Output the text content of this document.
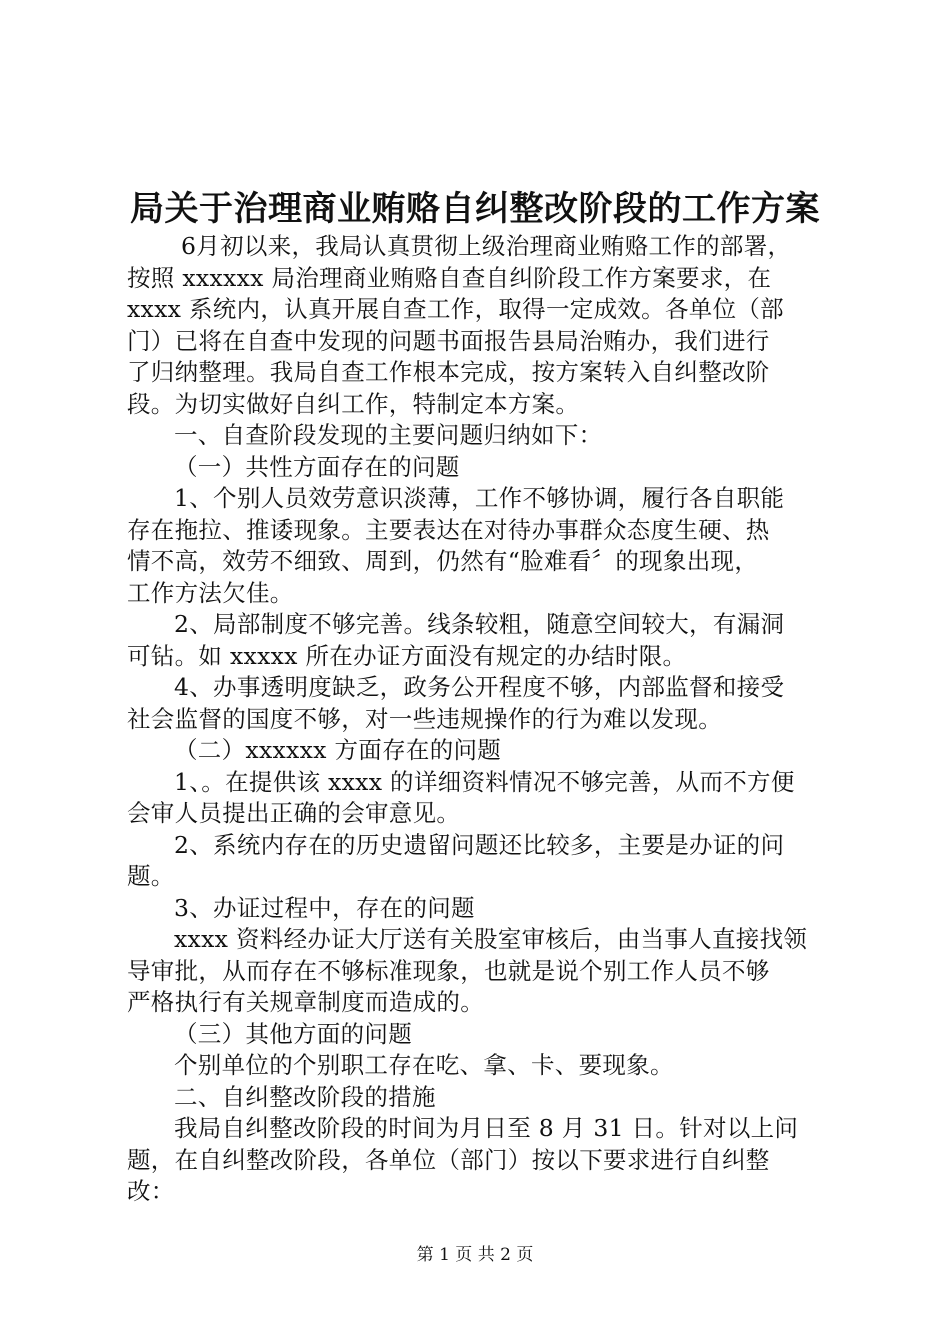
局关于治理商业贿赂自纠整改阶段的工作方案

6月初以来，我局认真贯彻上级治理商业贿赂工作的部署，

按照 xxxxxx 局治理商业贿赂自查自纠阶段工作方案要求，在

xxxx 系统内，认真开展自查工作，取得一定成效。各单位（部

门）已将在自查中发现的问题书面报告县局治贿办，我们进行

了归纳整理。我局自查工作根本完成，按方案转入自纠整改阶

段。为切实做好自纠工作，特制定本方案。

一、自查阶段发现的主要问题归纳如下：

（一）共性方面存在的问题

1、个别人员效劳意识淡薄，工作不够协调，履行各自职能

存在拖拉、推诿现象。主要表达在对待办事群众态度生硬、热

情不高，效劳不细致、周到，仍然有“脸难看〞的现象出现，

工作方法欠佳。

2、局部制度不够完善。线条较粗，随意空间较大，有漏洞

可钻。如 xxxxx 所在办证方面没有规定的办结时限。

4、办事透明度缺乏，政务公开程度不够，内部监督和接受

社会监督的国度不够，对一些违规操作的行为难以发现。

（二）xxxxxx 方面存在的问题

1、。在提供该 xxxx 的详细资料情况不够完善，从而不方便

会审人员提出正确的会审意见。

2、系统内存在的历史遗留问题还比较多，主要是办证的问

题。

3、办证过程中，存在的问题

xxxx 资料经办证大厅送有关股室审核后，由当事人直接找领

导审批，从而存在不够标准现象，也就是说个别工作人员不够

严格执行有关规章制度而造成的。

（三）其他方面的问题

个别单位的个别职工存在吃、拿、卡、要现象。

二、自纠整改阶段的措施

我局自纠整改阶段的时间为月日至 8 月 31 日。针对以上问

题，在自纠整改阶段，各单位（部门）按以下要求进行自纠整

改：

第 1 页 共 2 页
